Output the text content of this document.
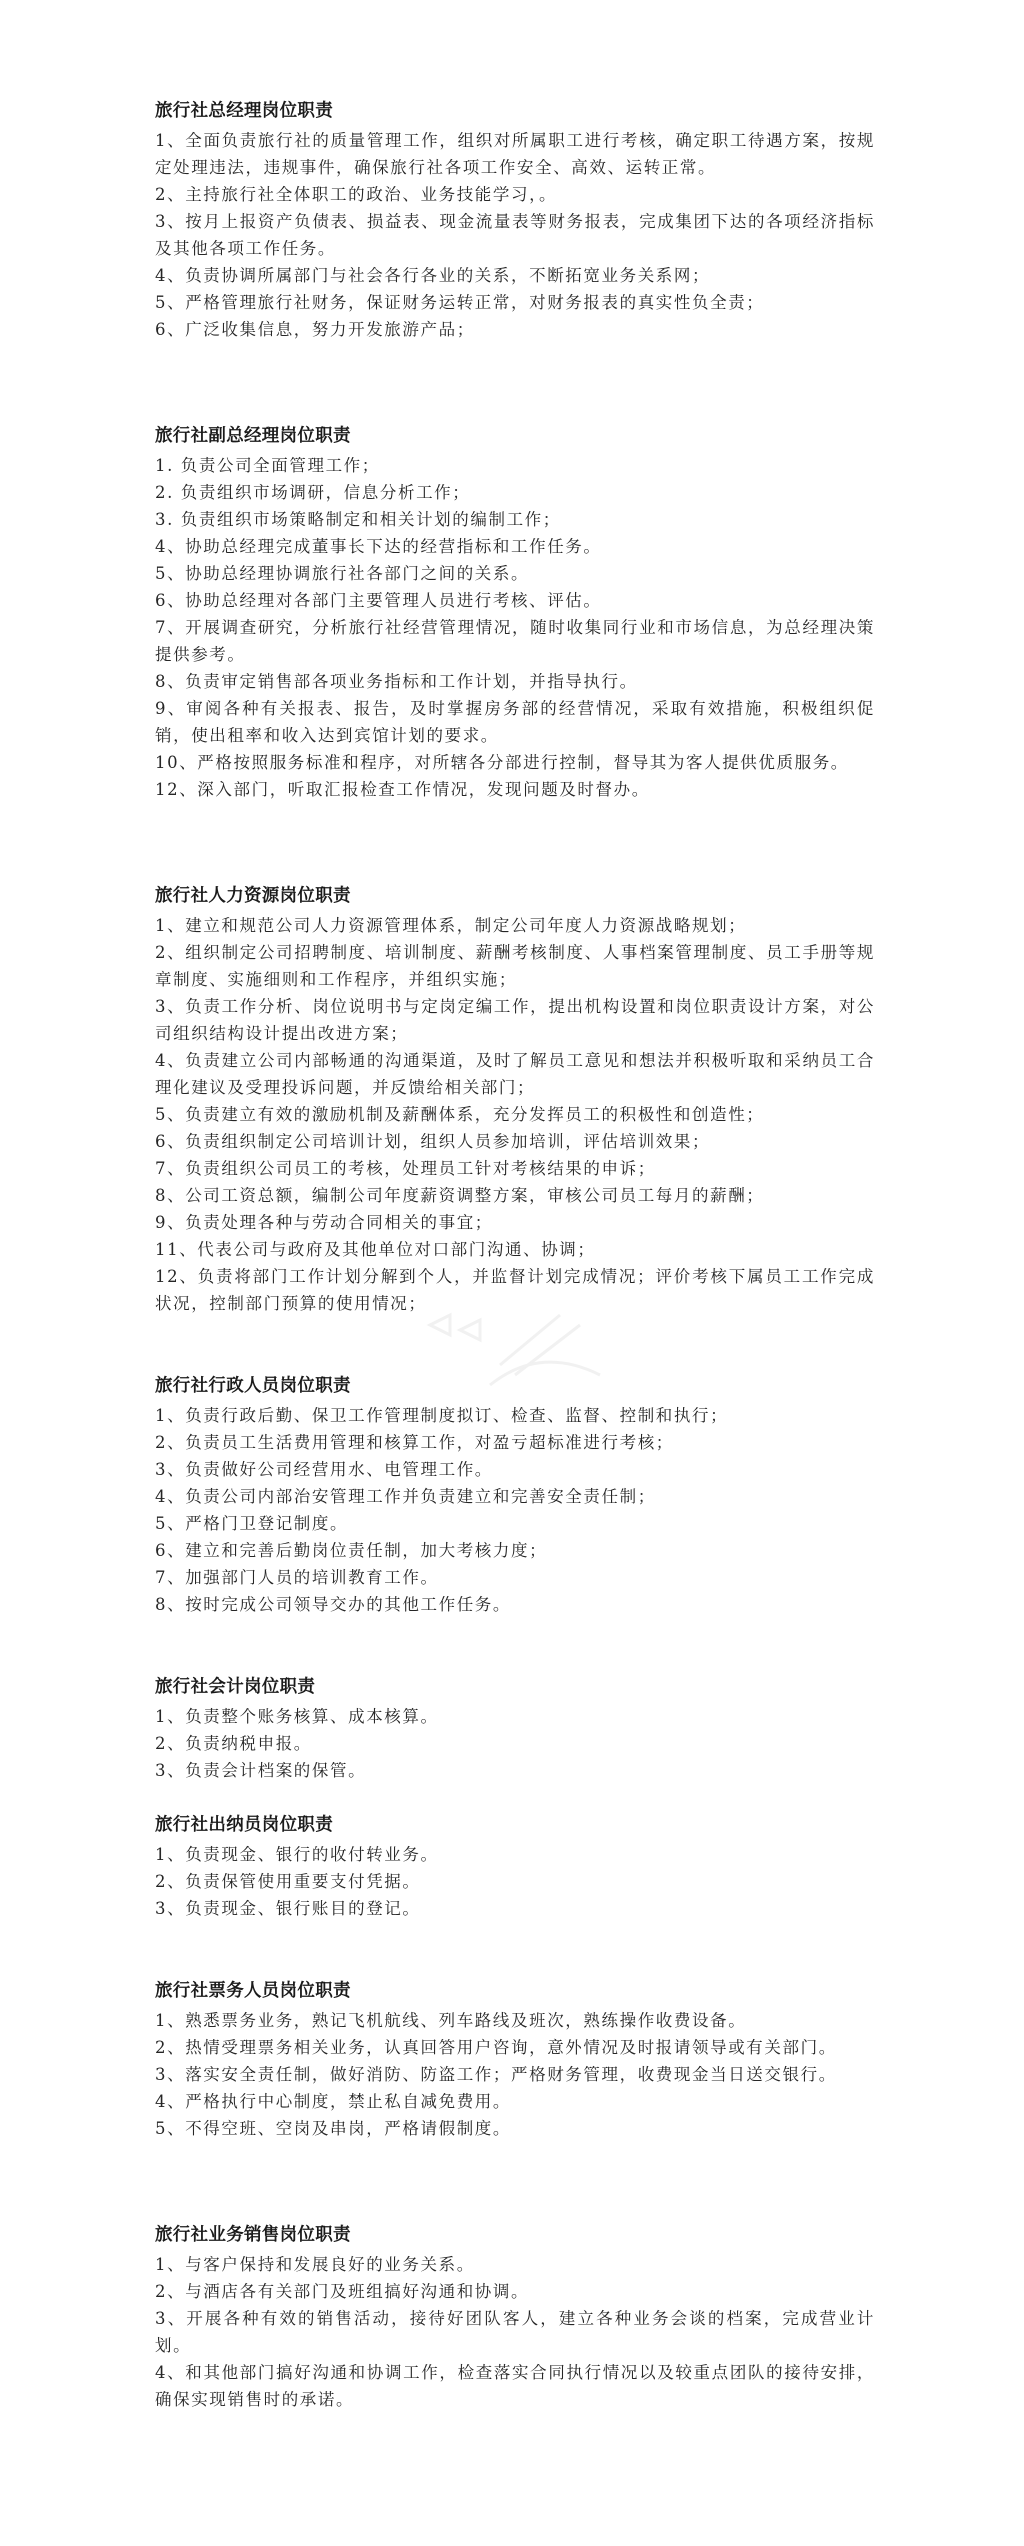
旅行社总经理岗位职责

1、全面负责旅行社的质量管理工作，组织对所属职工进行考核，确定职工待遇方案，按规定处理违法，违规事件，确保旅行社各项工作安全、高效、运转正常。

2、主持旅行社全体职工的政治、业务技能学习，。

3、按月上报资产负债表、损益表、现金流量表等财务报表，完成集团下达的各项经济指标及其他各项工作任务。

4、负责协调所属部门与社会各行各业的关系，不断拓宽业务关系网；

5、严格管理旅行社财务，保证财务运转正常，对财务报表的真实性负全责；

6、广泛收集信息，努力开发旅游产品；

旅行社副总经理岗位职责

1. 负责公司全面管理工作；

2. 负责组织市场调研，信息分析工作；

3. 负责组织市场策略制定和相关计划的编制工作；

4、协助总经理完成董事长下达的经营指标和工作任务。

5、协助总经理协调旅行社各部门之间的关系。

6、协助总经理对各部门主要管理人员进行考核、评估。

7、开展调查研究，分析旅行社经营管理情况，随时收集同行业和市场信息，为总经理决策提供参考。

8、负责审定销售部各项业务指标和工作计划，并指导执行。

9、审阅各种有关报表、报告，及时掌握房务部的经营情况，采取有效措施，积极组织促销，使出租率和收入达到宾馆计划的要求。

10、严格按照服务标准和程序，对所辖各分部进行控制，督导其为客人提供优质服务。

12、深入部门，听取汇报检查工作情况，发现问题及时督办。

旅行社人力资源岗位职责

1、建立和规范公司人力资源管理体系，制定公司年度人力资源战略规划；

2、组织制定公司招聘制度、培训制度、薪酬考核制度、人事档案管理制度、员工手册等规章制度、实施细则和工作程序，并组织实施；

3、负责工作分析、岗位说明书与定岗定编工作，提出机构设置和岗位职责设计方案，对公司组织结构设计提出改进方案；

4、负责建立公司内部畅通的沟通渠道，及时了解员工意见和想法并积极听取和采纳员工合理化建议及受理投诉问题，并反馈给相关部门；

5、负责建立有效的激励机制及薪酬体系，充分发挥员工的积极性和创造性；

6、负责组织制定公司培训计划，组织人员参加培训，评估培训效果；

7、负责组织公司员工的考核，处理员工针对考核结果的申诉；

8、公司工资总额，编制公司年度薪资调整方案，审核公司员工每月的薪酬；

9、负责处理各种与劳动合同相关的事宜；

11、代表公司与政府及其他单位对口部门沟通、协调；

12、负责将部门工作计划分解到个人，并监督计划完成情况；评价考核下属员工工作完成状况，控制部门预算的使用情况；

旅行社行政人员岗位职责

1、负责行政后勤、保卫工作管理制度拟订、检查、监督、控制和执行；

2、负责员工生活费用管理和核算工作，对盈亏超标准进行考核；

3、负责做好公司经营用水、电管理工作。

4、负责公司内部治安管理工作并负责建立和完善安全责任制；

5、严格门卫登记制度。

6、建立和完善后勤岗位责任制，加大考核力度；

7、加强部门人员的培训教育工作。

8、按时完成公司领导交办的其他工作任务。

旅行社会计岗位职责

1、负责整个账务核算、成本核算。

2、负责纳税申报。

3、负责会计档案的保管。

旅行社出纳员岗位职责

1、负责现金、银行的收付转业务。

2、负责保管使用重要支付凭据。

3、负责现金、银行账目的登记。

旅行社票务人员岗位职责

1、熟悉票务业务，熟记飞机航线、列车路线及班次，熟练操作收费设备。

2、热情受理票务相关业务，认真回答用户咨询，意外情况及时报请领导或有关部门。

3、落实安全责任制，做好消防、防盗工作；严格财务管理，收费现金当日送交银行。

4、严格执行中心制度，禁止私自减免费用。

5、不得空班、空岗及串岗，严格请假制度。

旅行社业务销售岗位职责

1、与客户保持和发展良好的业务关系。

2、与酒店各有关部门及班组搞好沟通和协调。

3、开展各种有效的销售活动，接待好团队客人，建立各种业务会谈的档案，完成营业计划。

4、和其他部门搞好沟通和协调工作，检查落实合同执行情况以及较重点团队的接待安排，确保实现销售时的承诺。
